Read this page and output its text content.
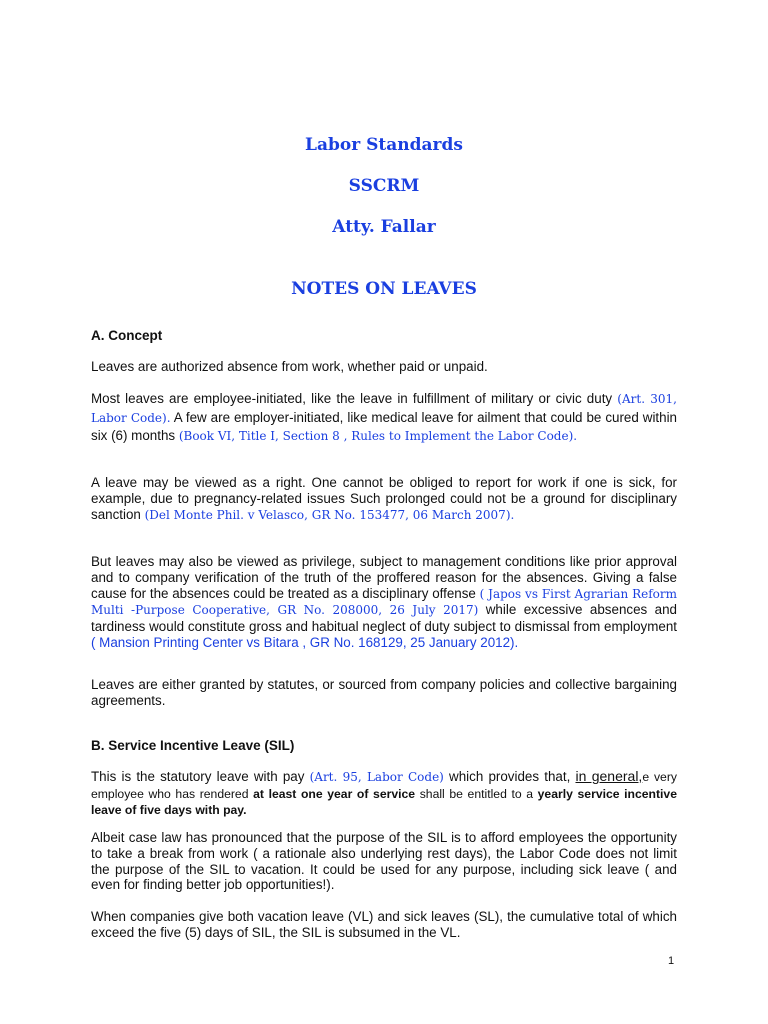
Labor Standards
SSCRM
Atty. Fallar
NOTES ON LEAVES
A. Concept
Leaves are authorized absence from work, whether paid or unpaid.
Most leaves are employee-initiated, like the leave in fulfillment of military or civic duty (Art. 301, Labor Code). A few are employer-initiated, like medical leave for ailment that could be cured within six (6) months (Book VI, Title I, Section 8 , Rules to Implement the Labor Code).
A leave may be viewed as a right. One cannot be obliged to report for work if one is sick, for example, due to pregnancy-related issues Such prolonged could not be a ground for disciplinary sanction (Del Monte Phil. v Velasco, GR No. 153477, 06 March 2007).
But leaves may also be viewed as privilege, subject to management conditions like prior approval and to company verification of the truth of the proffered reason for the absences. Giving a false cause for the absences could be treated as a disciplinary offense ( Japos vs First Agrarian Reform Multi -Purpose Cooperative, GR No. 208000, 26 July 2017) while excessive absences and tardiness would constitute gross and habitual neglect of duty subject to dismissal from employment ( Mansion Printing Center vs Bitara , GR No. 168129, 25 January 2012).
Leaves are either granted by statutes, or sourced from company policies and collective bargaining agreements.
B. Service Incentive Leave (SIL)
This is the statutory leave with pay (Art. 95, Labor Code) which provides that, in general,e very employee who has rendered at least one year of service shall be entitled to a yearly service incentive leave of five days with pay.
Albeit case law has pronounced that the purpose of the SIL is to afford employees the opportunity to take a break from work ( a rationale also underlying rest days), the Labor Code does not limit the purpose of the SIL to vacation. It could be used for any purpose, including sick leave ( and even for finding better job opportunities!).
When companies give both vacation leave (VL) and sick leaves (SL), the cumulative total of which exceed the five (5) days of SIL, the SIL is subsumed in the VL.
1
